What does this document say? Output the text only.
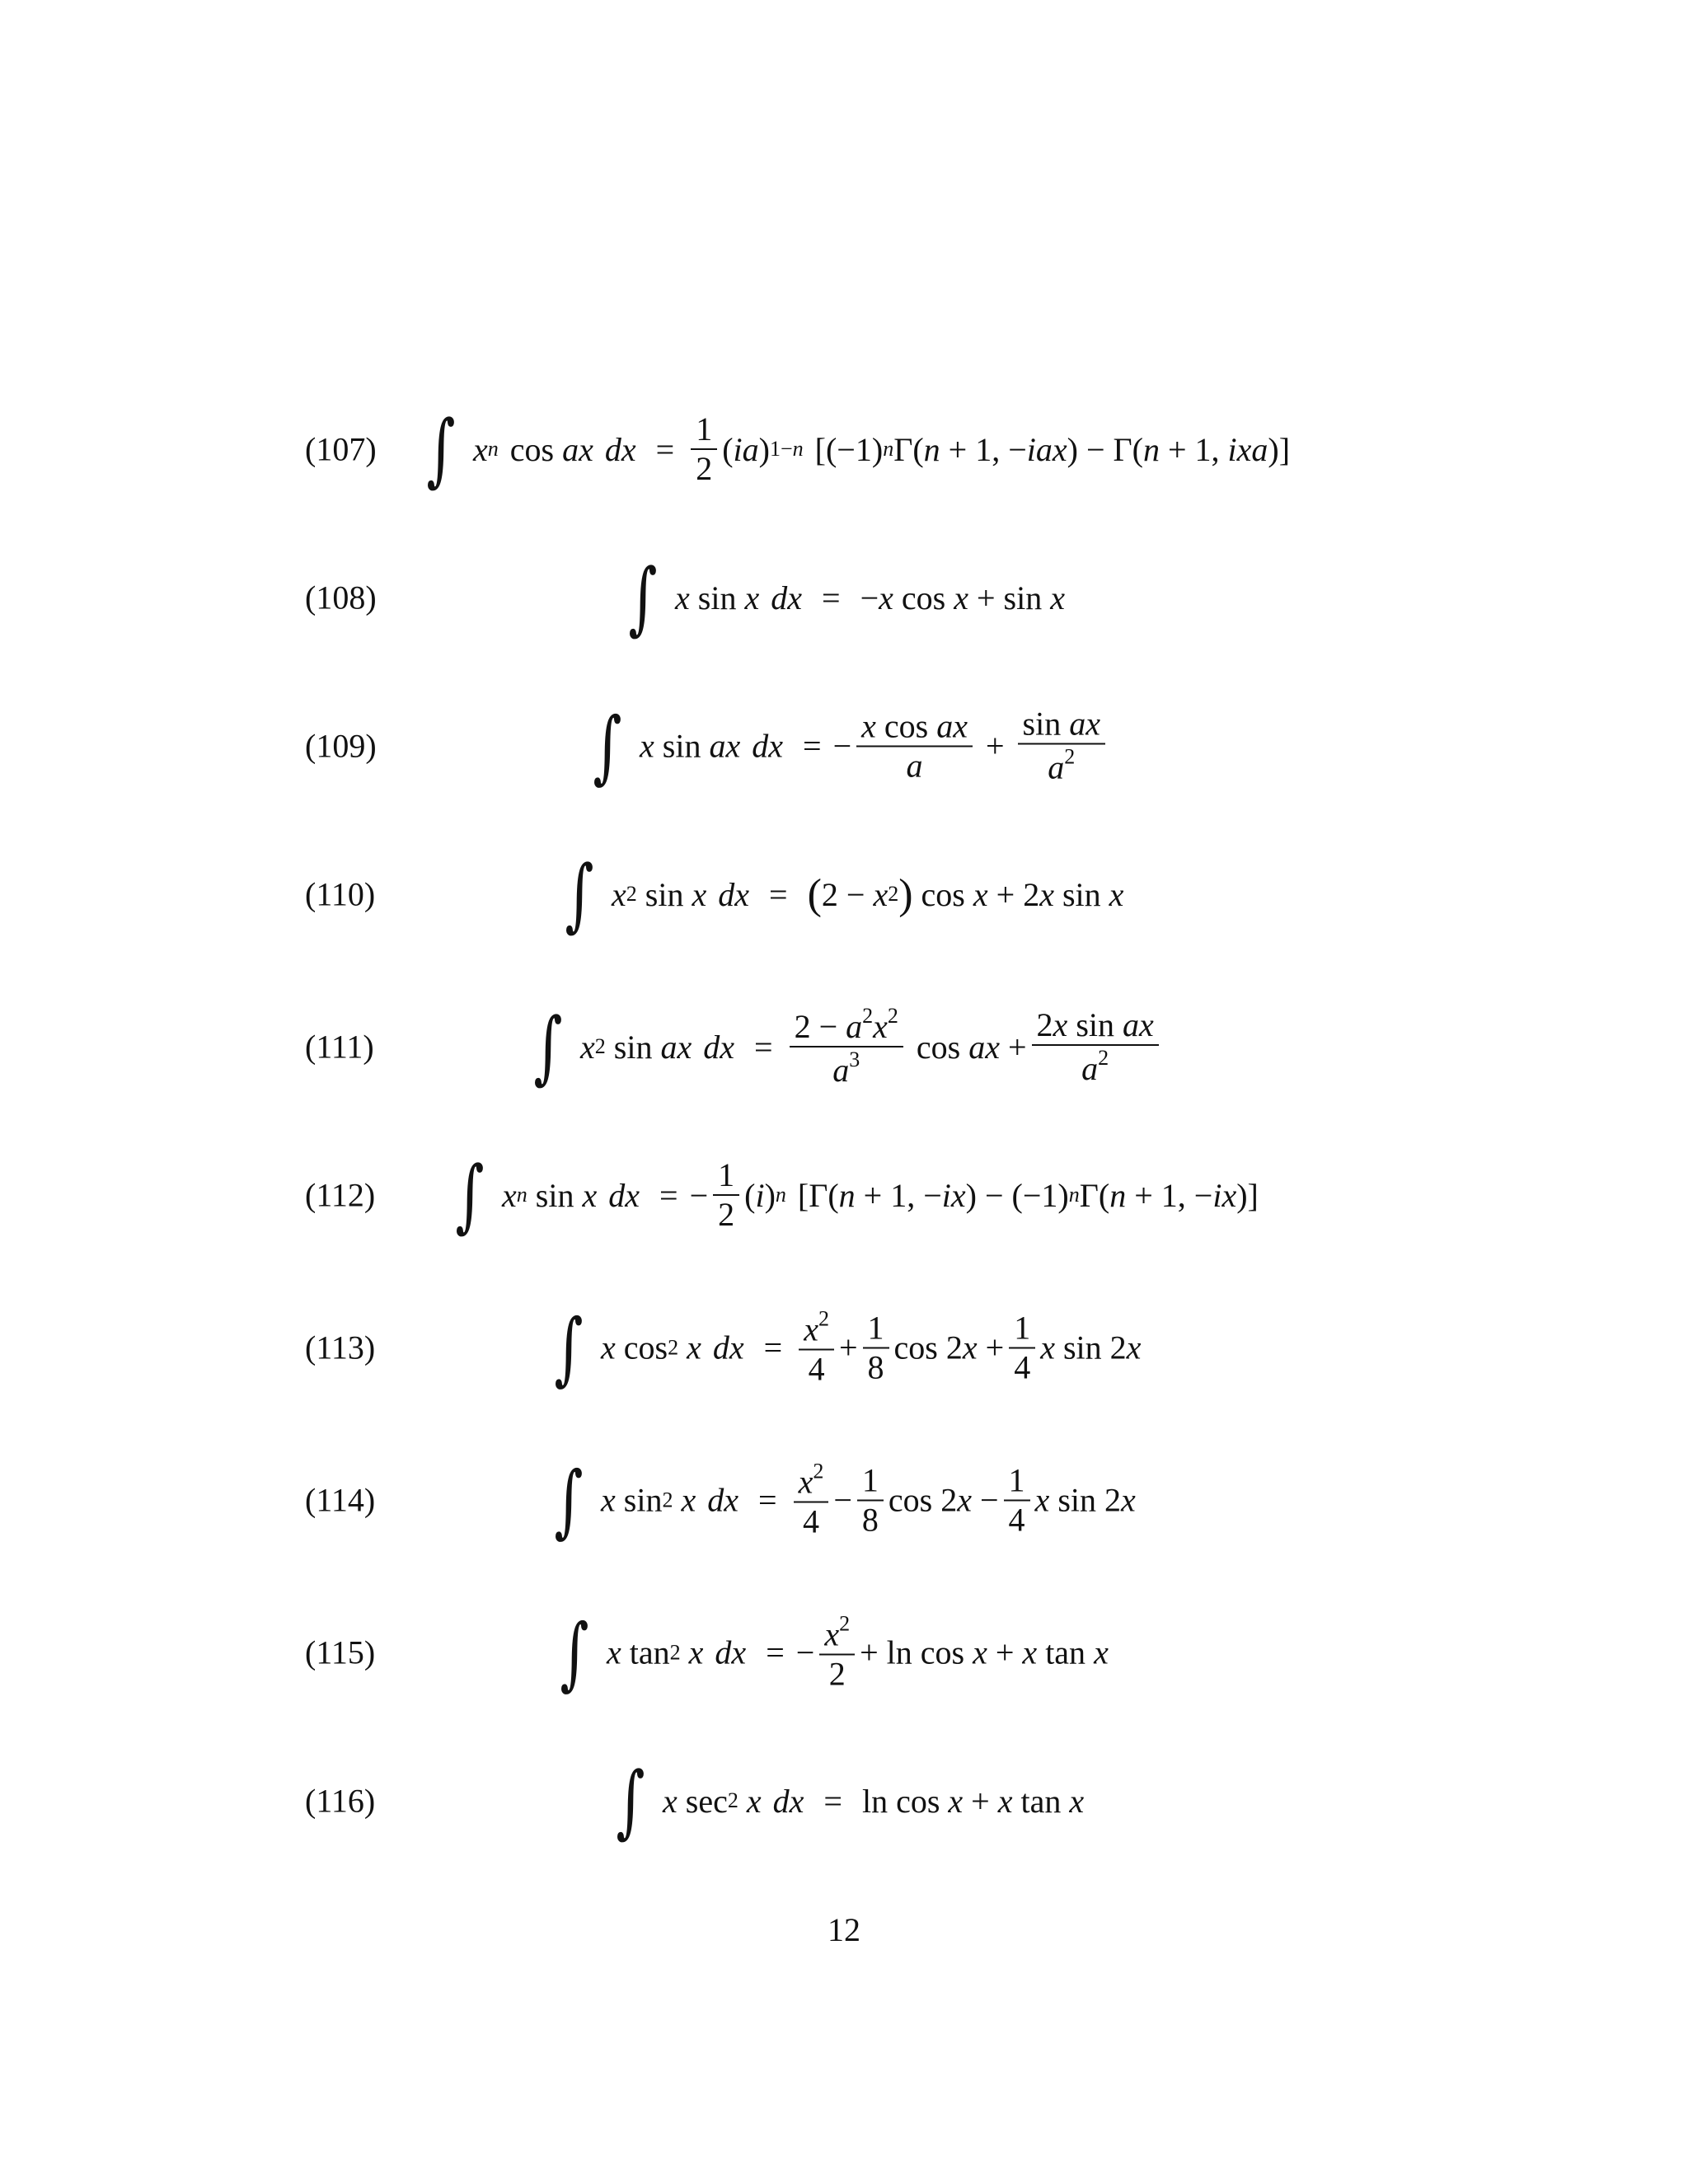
(107) ∫ x n cos
ax dx = $\frac{1}{2}$ ( ia ) 1−n [(−1) n Γ( n + 1, − iax ) − Γ( n + 1, ixa )]
(108)	∫ x
sin
x dx =
− x
cos
x + sin
x
(109)	∫ x
sin
ax dx = − $\frac{\text{x cos ax}}{a} + \frac{\text{sin ax}}{a^2}$
(110) ∫ x 2
sin
x dx = ( 2 − x 2 )
cos
x + 2 x
sin
x
(111) ∫ x 2
sin
ax dx = $\frac{2 - a^2x^2}{a^3}$
cos
ax + $\frac{\text{2x sin ax}}{a^2}$
(112) ∫ x n
sin
x dx = − $\frac{1}{2}$ ( i ) n [Γ( n + 1, − ix ) − (−1) n Γ( n + 1, − ix )]
(113) ∫ x
cos 2
x dx = $\frac{x^2}{4} + \frac{1}{8}$ cos 2 $x + \frac{1}{4}$ x
sin 2 x
(114) ∫ x
sin 2
x dx = $\frac{x^2}{4} - \frac{1}{8}$ cos 2 $x - \frac{1}{4}$ x
sin 2 x
(115) ∫ x
tan 2
x dx = − $\frac{x^2}{2} + \ln$
cos
x + x
tan
x
(116)	∫ x
sec 2
x dx = ln
cos
x + x
tan
x
12
